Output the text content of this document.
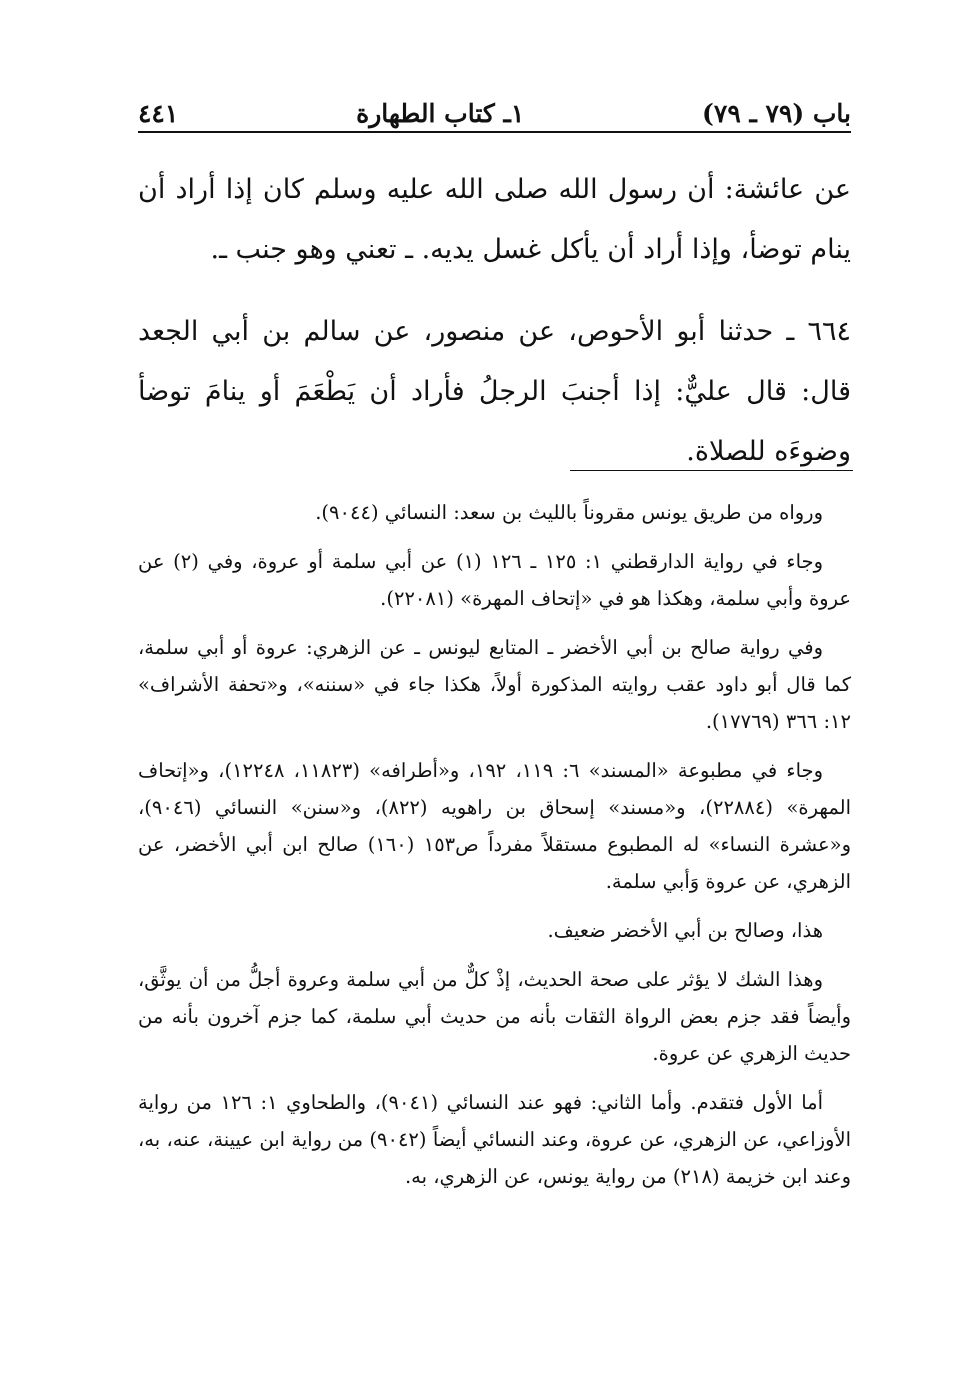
باب (٧٩ ـ ٧٩)
١ـ كتاب الطهارة
٤٤١

عن عائشة: أن رسول الله صلى الله عليه وسلم كان إذا أراد أن ينام توضأ، وإذا أراد أن يأكل غسل يديه. ـ تعني وهو جنب ـ.

٦٦٤ ـ حدثنا أبو الأحوص، عن منصور، عن سالم بن أبي الجعد قال: قال عليٌّ: إذا أجنبَ الرجلُ فأراد أن يَطْعَمَ أو ينامَ توضأ وضوءَه للصلاة.

ورواه من طريق يونس مقروناً بالليث بن سعد: النسائي (٩٠٤٤).

وجاء في رواية الدارقطني ١: ١٢٥ ـ ١٢٦ (١) عن أبي سلمة أو عروة، وفي (٢) عن عروة وأبي سلمة، وهكذا هو في «إتحاف المهرة» (٢٢٠٨١).

وفي رواية صالح بن أبي الأخضر ـ المتابع ليونس ـ عن الزهري: عروة أو أبي سلمة، كما قال أبو داود عقب روايته المذكورة أولاً، هكذا جاء في «سننه»، و«تحفة الأشراف» ١٢: ٣٦٦ (١٧٧٦٩).

وجاء في مطبوعة «المسند» ٦: ١١٩، ١٩٢، و«أطرافه» (١١٨٢٣، ١٢٢٤٨)، و«إتحاف المهرة» (٢٢٨٨٤)، و«مسند» إسحاق بن راهويه (٨٢٢)، و«سنن» النسائي (٩٠٤٦)، و«عشرة النساء» له المطبوع مستقلاً مفرداً ص١٥٣ (١٦٠) صالح ابن أبي الأخضر، عن الزهري، عن عروة وَأبي سلمة.

هذا، وصالح بن أبي الأخضر ضعيف.

وهذا الشك لا يؤثر على صحة الحديث، إذْ كلٌّ من أبي سلمة وعروة أجلُّ من أن يوثَّق، وأيضاً فقد جزم بعض الرواة الثقات بأنه من حديث أبي سلمة، كما جزم آخرون بأنه من حديث الزهري عن عروة.

أما الأول فتقدم. وأما الثاني: فهو عند النسائي (٩٠٤١)، والطحاوي ١: ١٢٦ من رواية الأوزاعي، عن الزهري، عن عروة، وعند النسائي أيضاً (٩٠٤٢) من رواية ابن عيينة، عنه، به، وعند ابن خزيمة (٢١٨) من رواية يونس، عن الزهري، به.
